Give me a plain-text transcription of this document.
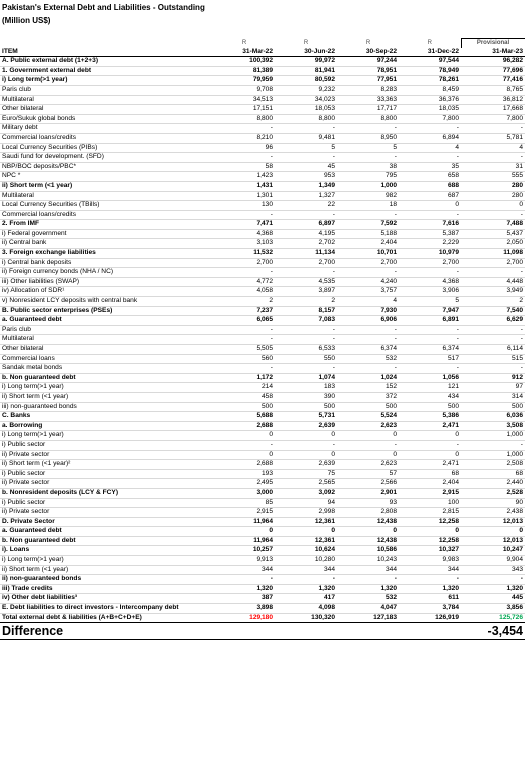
Pakistan's External Debt and Liabilities - Outstanding
(Million US$)
	R	R	R	R	Provisional
ITEM	31-Mar-22	30-Jun-22	30-Sep-22	31-Dec-22	31-Mar-23
A. Public external debt (1+2+3)	100,392	99,972	97,244	97,544	96,282
1. Government external debt	81,389	81,941	78,951	78,949	77,696
i) Long term(>1 year)	79,959	80,592	77,951	78,261	77,416
Paris club	9,708	9,232	8,283	8,459	8,765
Multilateral	34,513	34,023	33,363	36,376	36,812
Other bilateral	17,151	18,053	17,717	18,035	17,668
Euro/Sukuk global bonds	8,800	8,800	8,800	7,800	7,800
Military debt	-	-	-	-	-
Commercial loans/credits	8,210	9,481	8,950	6,894	5,781
Local Currency Securities (PIBs)	96	5	5	4	4
Saudi fund for development. (SFD)	-	-	-	-	-
NBP/BOC deposits/PBC*	58	45	38	35	31
NPC *	1,423	953	795	658	555
ii) Short term (<1 year)	1,431	1,349	1,000	688	280
Multilateral	1,301	1,327	982	687	280
Local Currency Securities (TBills)	130	22	18	0	0
Commercial loans/credits	-	-	-	-	-
2. From IMF	7,471	6,897	7,592	7,616	7,488
i) Federal government	4,368	4,195	5,188	5,387	5,437
ii) Central bank	3,103	2,702	2,404	2,229	2,050
3. Foreign exchange liabilities	11,532	11,134	10,701	10,979	11,098
i) Central bank deposits	2,700	2,700	2,700	2,700	2,700
ii) Foreign currency bonds (NHA / NC)	-	-	-	-	-
iii) Other liabilities (SWAP)	4,772	4,535	4,240	4,368	4,448
iv) Allocation of SDR¹	4,058	3,897	3,757	3,906	3,949
v) Nonresident LCY deposits with central bank	2	2	4	5	2
B. Public sector enterprises (PSEs)	7,237	8,157	7,930	7,947	7,540
a. Guaranteed debt	6,065	7,083	6,906	6,891	6,629
Paris club	-	-	-	-	-
Multilateral	-	-	-	-	-
Other bilateral	5,505	6,533	6,374	6,374	6,114
Commercial loans	560	550	532	517	515
Sandak metal bonds	-	-	-	-	-
b. Non guaranteed debt	1,172	1,074	1,024	1,056	912
i) Long term(>1 year)	214	183	152	121	97
ii) Short term (<1 year)	458	390	372	434	314
iii) non-guaranteed bonds	500	500	500	500	500
C. Banks	5,688	5,731	5,524	5,386	6,036
a. Borrowing	2,688	2,639	2,623	2,471	3,508
i) Long term(>1 year)	0	0	0	0	1,000
i) Public sector	-	-	-	-	-
ii) Private sector	0	0	0	0	1,000
ii) Short term (<1 year)²	2,688	2,639	2,623	2,471	2,508
i) Public sector	193	75	57	68	68
ii) Private sector	2,495	2,565	2,566	2,404	2,440
b. Nonresident deposits (LCY & FCY)	3,000	3,092	2,901	2,915	2,528
i) Public sector	85	94	93	100	90
ii) Private sector	2,915	2,998	2,808	2,815	2,438
D. Private Sector	11,964	12,361	12,438	12,258	12,013
a. Guaranteed debt	0	0	0	0	0
b. Non guaranteed debt	11,964	12,361	12,438	12,258	12,013
i). Loans	10,257	10,624	10,586	10,327	10,247
i) Long term(>1 year)	9,913	10,280	10,243	9,983	9,904
ii) Short term (<1 year)	344	344	344	344	343
ii) non-guaranteed bonds	-	-	-	-	-
iii) Trade credits	1,320	1,320	1,320	1,320	1,320
iv) Other debt liabilities³	387	417	532	611	445
E. Debt liabilities to direct investors - Intercompany debt	3,898	4,098	4,047	3,784	3,856
Total external debt & liabilities (A+B+C+D+E)	129,180	130,320	127,183	126,919	125,726
Difference					-3,454
